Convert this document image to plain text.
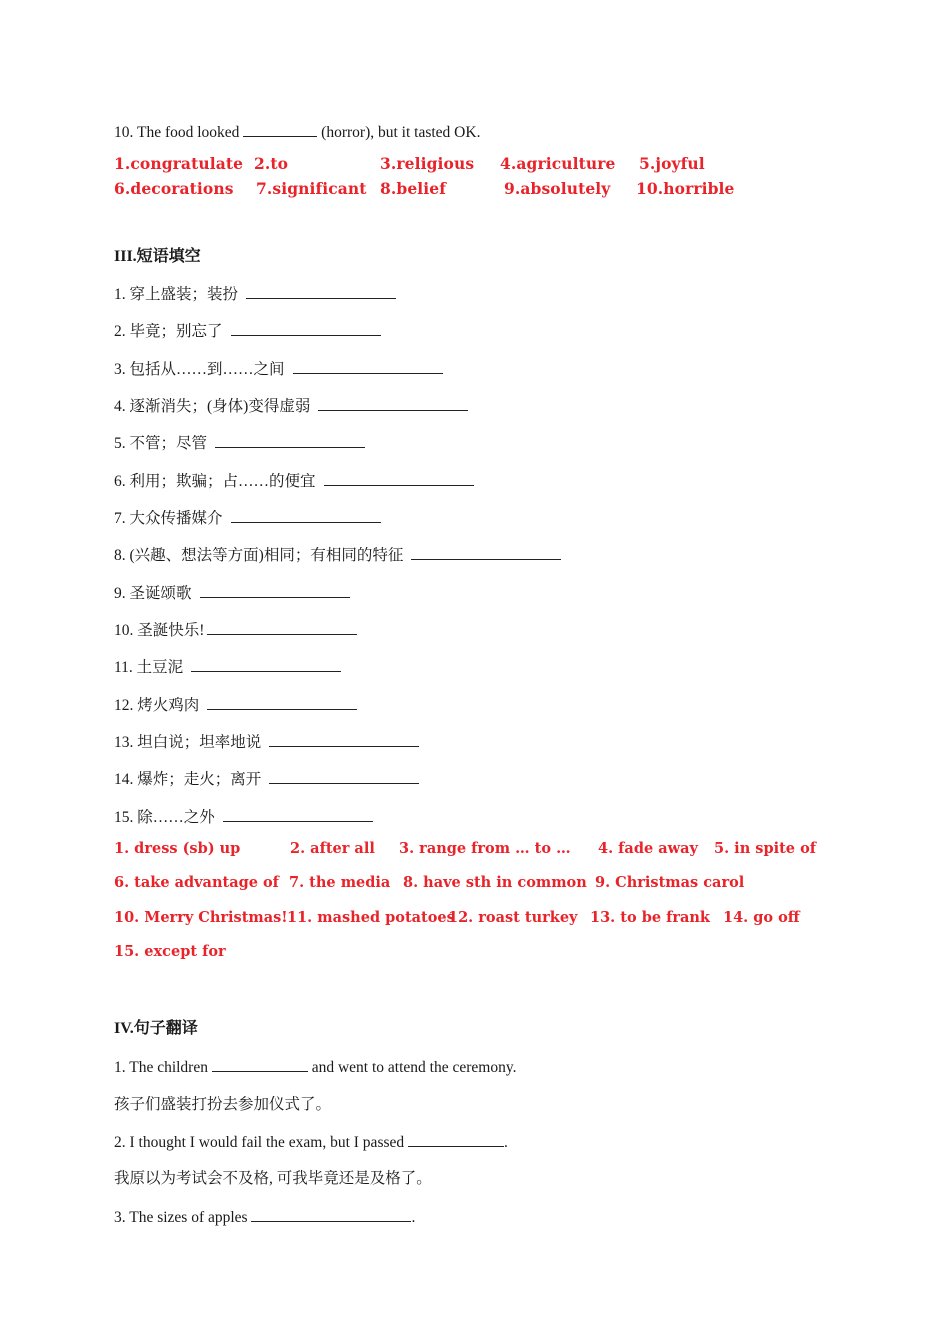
10. The food looked	(horror), but it tasted OK.
1.congratulate 2.to	3.religious 4.agriculture 5.joyful
6.decorations 7.significant 8.belief	9.absolutely 10.horrible
III.短语填空
1. 穿上盛装；装扮
2. 毕竟；别忘了
3. 包括从……到……之间
4. 逐渐消失；(身体)变得虚弱
5. 不管；尽管
6. 利用；欺骗；占……的便宜
7. 大众传播媒介
8. (兴趣、想法等方面)相同；有相同的特征
9. 圣诞颂歌
10. 圣誕快乐!
11. 土豆泥
12. 烤火鸡肉
13. 坦白说；坦率地说
14. 爆炸；走火；离开
15. 除……之外
1. dress (sb) up	2. after all 3. range from … to … 4. fade away 5. in spite of
6. take advantage of 7. the media 8. have sth in common 9. Christmas carol
10. Merry Christmas! 11. mashed potatoes
12. roast turkey 13. to be frank 14. go off
15. except for
IV.句子翻译
1. The children	and went to attend the ceremony.
孩子们盛装打扮去参加仪式了。
2. I thought I would fail the exam, but I passed	.
我原以为考试会不及格, 可我毕竟还是及格了。
3. The sizes of apples	.
